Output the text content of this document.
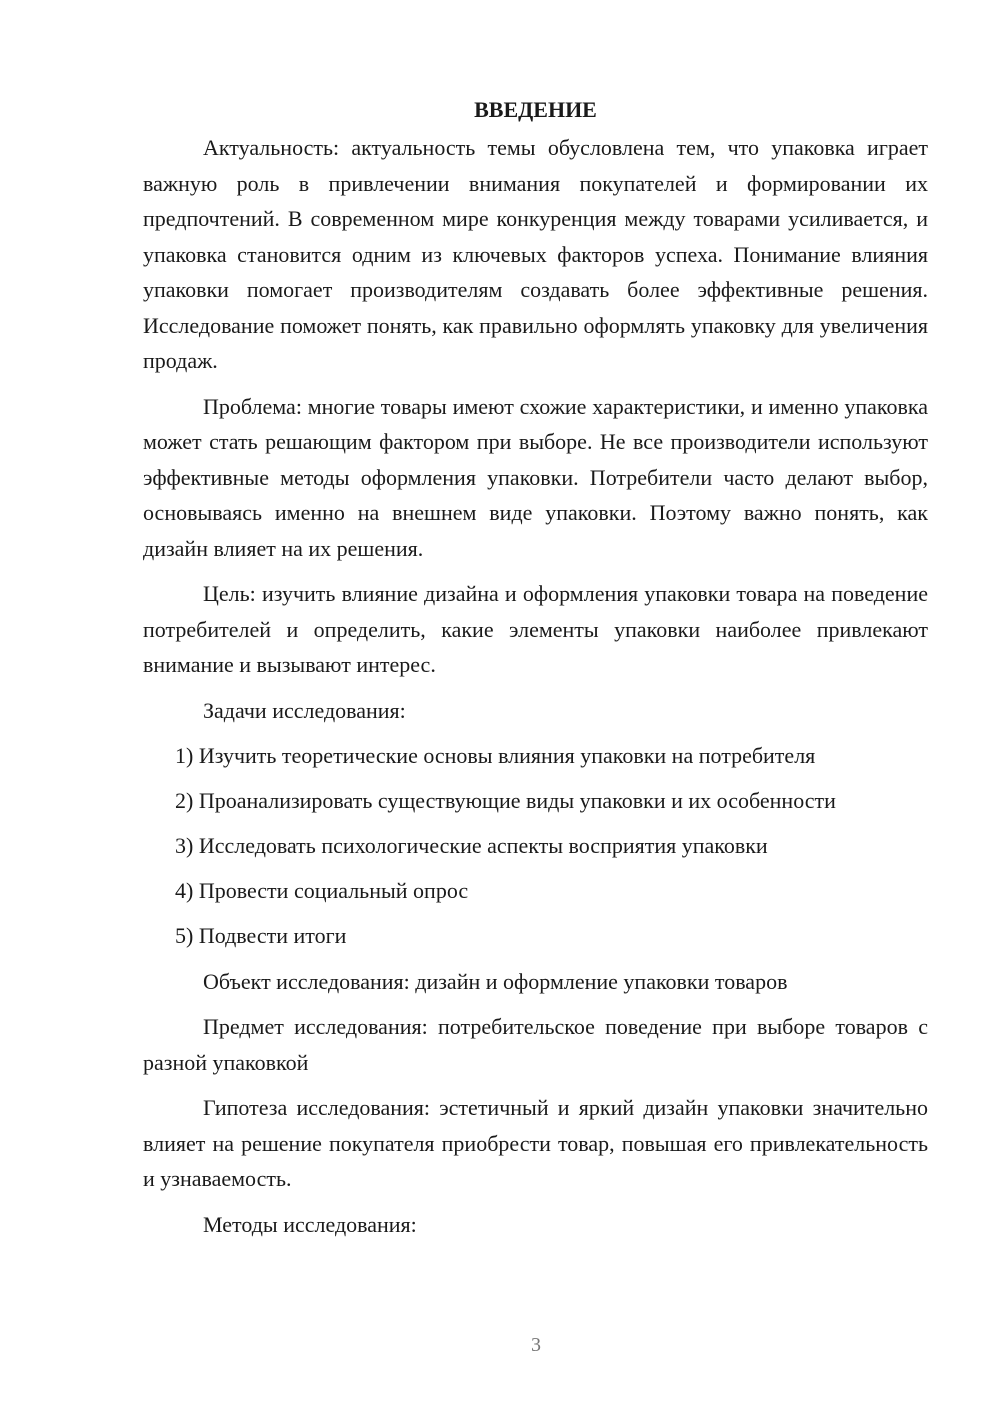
ВВЕДЕНИЕ

Актуальность: актуальность темы обусловлена тем, что упаковка играет важную роль в привлечении внимания покупателей и формировании их предпочтений. В современном мире конкуренция между товарами усиливается, и упаковка становится одним из ключевых факторов успеха. Понимание влияния упаковки помогает производителям создавать более эффективные решения. Исследование поможет понять, как правильно оформлять упаковку для увеличения продаж.

Проблема: многие товары имеют схожие характеристики, и именно упаковка может стать решающим фактором при выборе. Не все производители используют эффективные методы оформления упаковки. Потребители часто делают выбор, основываясь именно на внешнем виде упаковки. Поэтому важно понять, как дизайн влияет на их решения.

Цель: изучить влияние дизайна и оформления упаковки товара на поведение потребителей и определить, какие элементы упаковки наиболее привлекают внимание и вызывают интерес.

Задачи исследования:

1) Изучить теоретические основы влияния упаковки на потребителя
2) Проанализировать существующие виды упаковки и их особенности
3) Исследовать психологические аспекты восприятия упаковки
4) Провести социальный опрос
5) Подвести итоги

Объект исследования: дизайн и оформление упаковки товаров

Предмет исследования: потребительское поведение при выборе товаров с разной упаковкой

Гипотеза исследования: эстетичный и яркий дизайн упаковки значительно влияет на решение покупателя приобрести товар, повышая его привлекательность и узнаваемость.

Методы исследования:

3
